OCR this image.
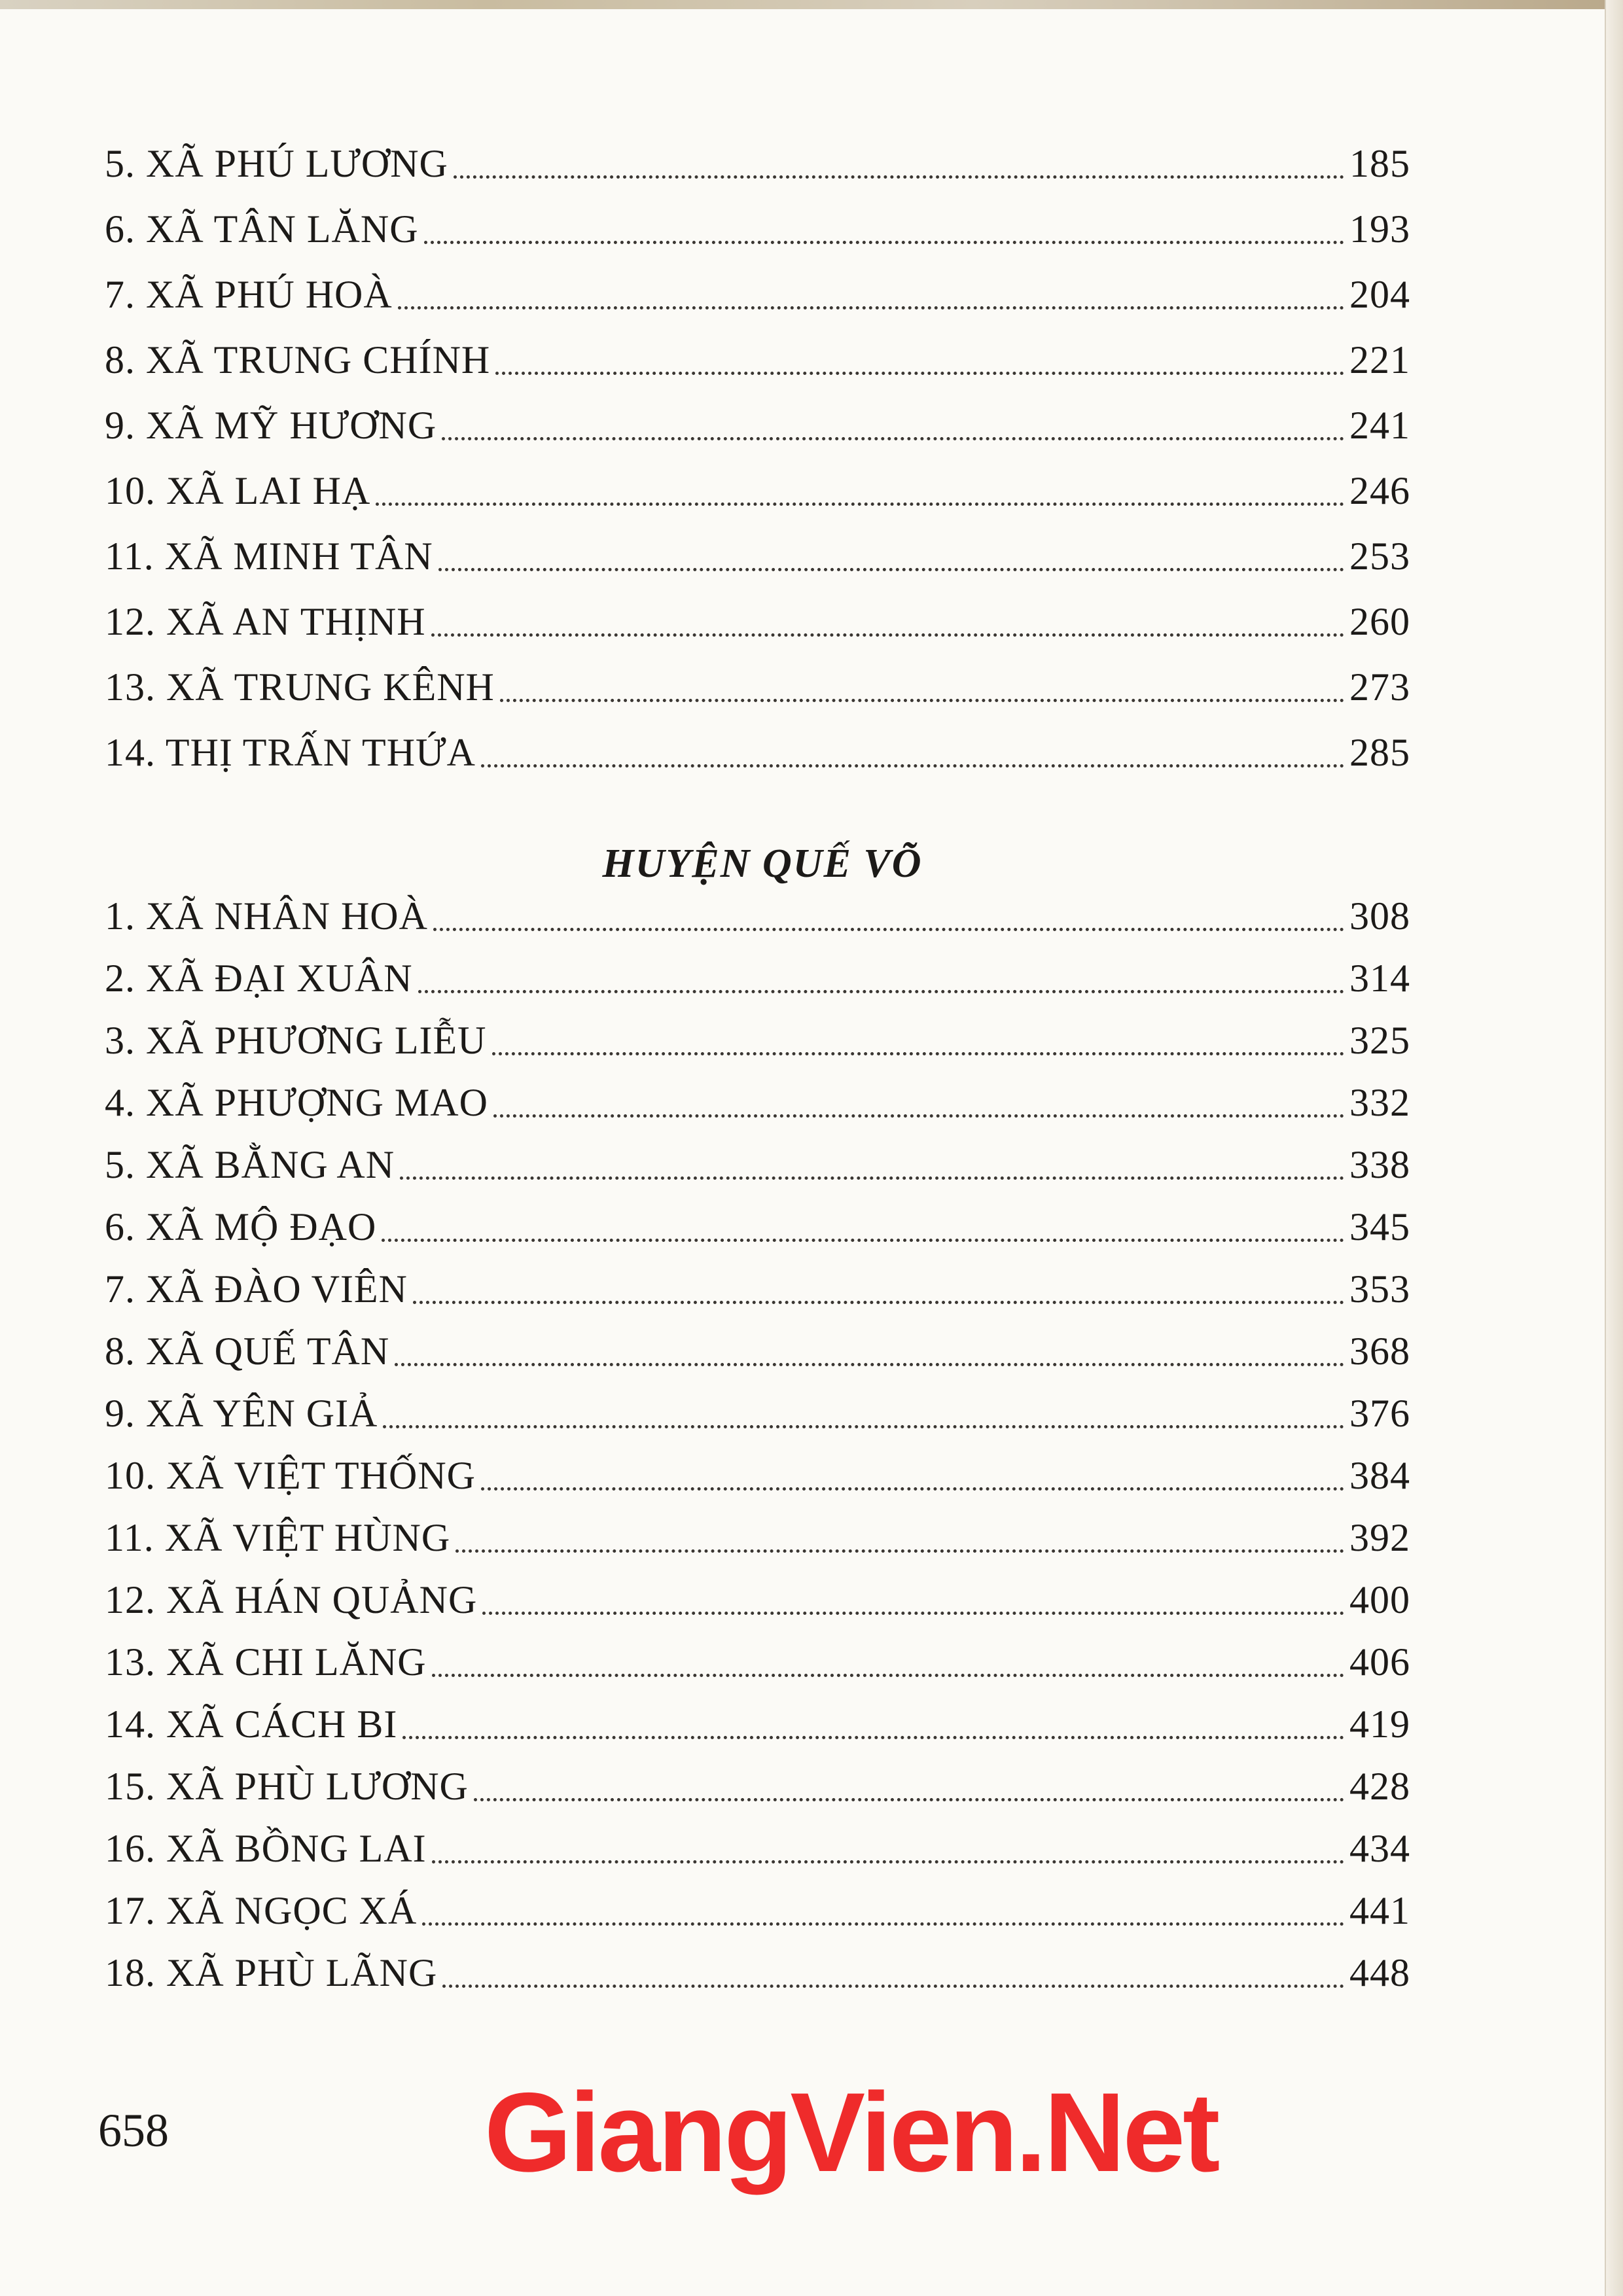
5. XÃ PHÚ LƯƠNG	185
6. XÃ TÂN LĂNG	193
7. XÃ PHÚ HOÀ	204
8. XÃ TRUNG CHÍNH	221
9. XÃ MỸ HƯƠNG	241
10. XÃ LAI HẠ	246
11. XÃ MINH TÂN	253
12. XÃ AN THỊNH	260
13. XÃ TRUNG KÊNH	273
14. THỊ TRẤN THỨA	285
HUYỆN QUẾ VÕ
1. XÃ NHÂN HOÀ	308
2. XÃ ĐẠI XUÂN	314
3. XÃ PHƯƠNG LIỄU	325
4. XÃ PHƯỢNG MAO	332
5. XÃ BẰNG AN	338
6. XÃ MỘ ĐẠO	345
7. XÃ ĐÀO VIÊN	353
8. XÃ QUẾ TÂN	368
9. XÃ YÊN GIẢ	376
10. XÃ VIỆT THỐNG	384
11. XÃ VIỆT HÙNG	392
12. XÃ HÁN QUẢNG	400
13. XÃ CHI LĂNG	406
14. XÃ CÁCH BI	419
15. XÃ PHÙ LƯƠNG	428
16. XÃ BỒNG LAI	434
17. XÃ NGỌC XÁ	441
18. XÃ PHÙ LÃNG	448
658	GiangVien.Net
